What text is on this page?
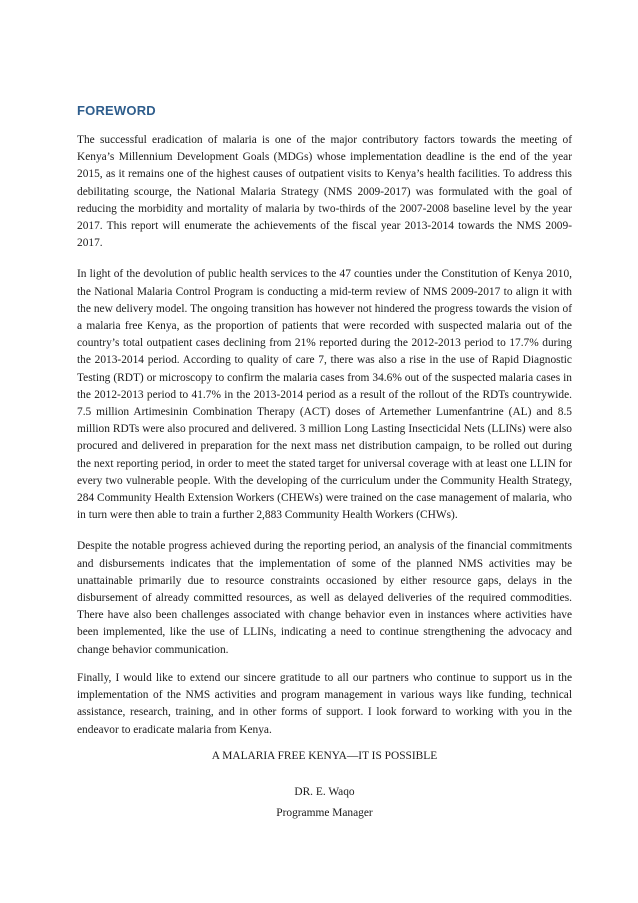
FOREWORD

The successful eradication of malaria is one of the major contributory factors towards the meeting of Kenya’s Millennium Development Goals (MDGs) whose implementation deadline is the end of the year 2015, as it remains one of the highest causes of outpatient visits to Kenya’s health facilities. To address this debilitating scourge, the National Malaria Strategy (NMS 2009-2017) was formulated with the goal of reducing the morbidity and mortality of malaria by two-thirds of the 2007-2008 baseline level by the year 2017. This report will enumerate the achievements of the fiscal year 2013-2014 towards the NMS 2009-2017.

In light of the devolution of public health services to the 47 counties under the Constitution of Kenya 2010, the National Malaria Control Program is conducting a mid-term review of NMS 2009-2017 to align it with the new delivery model. The ongoing transition has however not hindered the progress towards the vision of a malaria free Kenya, as the proportion of patients that were recorded with suspected malaria out of the country’s total outpatient cases declining from 21% reported during the 2012-2013 period to 17.7% during the 2013-2014 period. According to quality of care 7, there was also a rise in the use of Rapid Diagnostic Testing (RDT) or microscopy to confirm the malaria cases from 34.6% out of the suspected malaria cases in the 2012-2013 period to 41.7% in the 2013-2014 period as a result of the rollout of the RDTs countrywide. 7.5 million Artimesinin Combination Therapy (ACT) doses of Artemether Lumenfantrine (AL) and 8.5 million RDTs were also procured and delivered. 3 million Long Lasting Insecticidal Nets (LLINs) were also procured and delivered in preparation for the next mass net distribution campaign, to be rolled out during the next reporting period, in order to meet the stated target for universal coverage with at least one LLIN for every two vulnerable people. With the developing of the curriculum under the Community Health Strategy, 284 Community Health Extension Workers (CHEWs) were trained on the case management of malaria, who in turn were then able to train a further 2,883 Community Health Workers (CHWs).

Despite the notable progress achieved during the reporting period, an analysis of the financial commitments and disbursements indicates that the implementation of some of the planned NMS activities may be unattainable primarily due to resource constraints occasioned by either resource gaps, delays in the disbursement of already committed resources, as well as delayed deliveries of the required commodities. There have also been challenges associated with change behavior even in instances where activities have been implemented, like the use of LLINs, indicating a need to continue strengthening the advocacy and change behavior communication.

Finally, I would like to extend our sincere gratitude to all our partners who continue to support us in the implementation of the NMS activities and program management in various ways like funding, technical assistance, research, training, and in other forms of support. I look forward to working with you in the endeavor to eradicate malaria from Kenya.

A MALARIA FREE KENYA—IT IS POSSIBLE

DR. E. Waqo

Programme Manager
